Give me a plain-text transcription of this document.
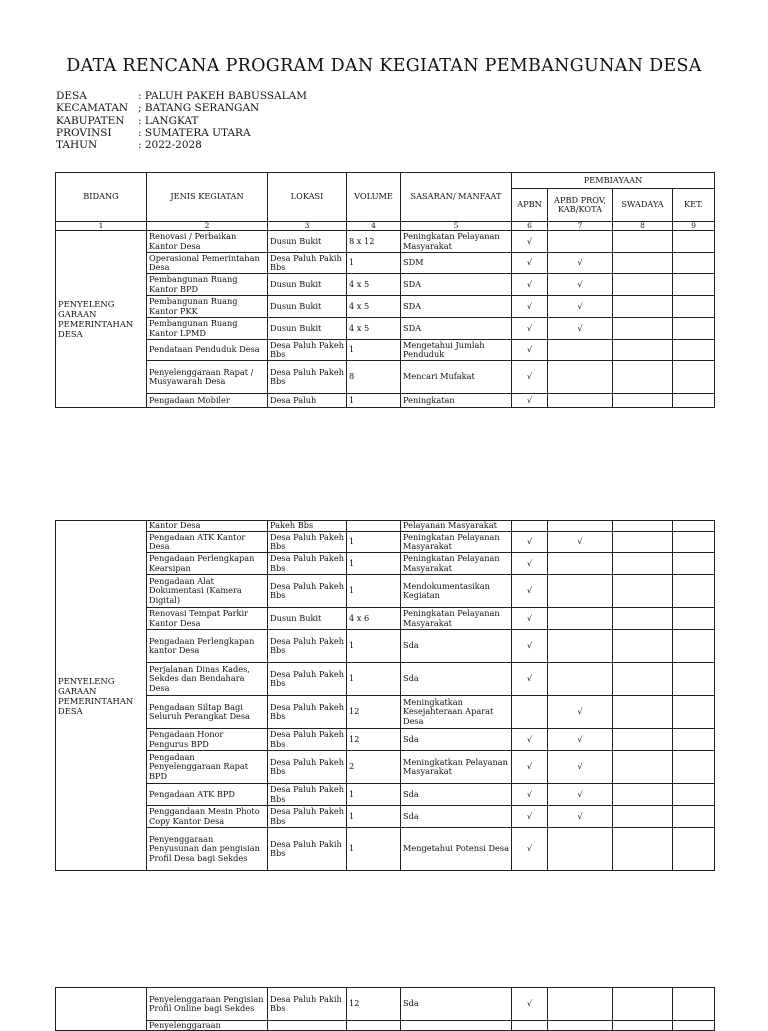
DATA RENCANA PROGRAM DAN KEGIATAN PEMBANGUNAN DESA
DESA	: PALUH PAKEH BABUSSALAM
KECAMATAN ; BATANG SERANGAN
KABUPATEN	: LANGKAT
PROVINSI	: SUMATERA UTARA
TAHUN	: 2022-2028
BIDANG	JENIS KEGIATAN	LOKASI	VOLUME	SASARAN/ MANFAAT	PEMBIAYAAN			
					APBN	APBD PROV, KAB/KOTA	SWADAYA	KET.
1	2	3	4	5	6	7	8	9
PENYELENG GARAAN PEMERINTAHAN DESA	Renovasi / Perbaikan Kantor Desa	Dusun Bukit	8 x 12	Peningkatan Pelayanan Masyarakat	√			
	Operasional Pemerintahan Desa	Desa Paluh Pakih Bbs	1	SDM	√	√		
	Pembangunan Ruang Kantor BPD	Dusun Bukit	4 x 5	SDA	√	√		
	Pembangunan Ruang Kantor PKK	Dusun Bukit	4 x 5	SDA	√	√		
	Pembangunan Ruang Kantor LPMD	Dusun Bukit	4 x 5	SDA	√	√		
	Pendataan Penduduk Desa	Desa Paluh Pakeh Bbs	1	Mengetahui Jumlah Penduduk	√			
	Penyelenggaraan Rapat / Musyawarah Desa	Desa Paluh Pakeh Bbs	8	Mencari Mufakat	√			
	Pengadaan Mobiler	Desa Paluh	1	Peningkatan	√			
PENYELENG GARAAN PEMERINTAHAN DESA	Kantor Desa	Pakeh Bbs		Pelayanan Masyarakat				
	Pengadaan ATK Kantor Desa	Desa Paluh Pakeh Bbs	1	Peningkatan Pelayanan Masyarakat	√	√		
	Pengadaan Perlengkapan Kearsipan	Desa Paluh Pakeh Bbs	1	Peningkatan Pelayanan Masyarakat	√			
	Pengadaan Alat Dokumentasi (Kamera Digital)	Desa Paluh Pakeh Bbs	1	Mendokumentasikan Kegiatan	√			
	Renovasi Tempat Parkir Kantor Desa	Dusun Bukit	4 x 6	Peningkatan Pelayanan Masyarakat	√			
	Pengadaan Perlengkapan kantor Desa	Desa Paluh Pakeh Bbs	1	Sda	√			
	Perjalanan Dinas Kades, Sekdes dan Bendahara Desa	Desa Paluh Pakeh Bbs	1	Sda	√			
	Pengadaan Siltap Bagi Seluruh Perangkat Desa	Desa Paluh Pakeh Bbs	12	Meningkatkan Kesejahteraan Aparat Desa		√		
	Pengadaan Honor Pengurus BPD	Desa Paluh Pakeh Bbs	12	Sda	√	√		
	Pengadaan Penyelenggaraan Rapat BPD	Desa Paluh Pakeh Bbs	2	Meningkatkan Pelayanan Masyarakat	√	√		
	Pengadaan ATK BPD	Desa Paluh Pakeh Bbs	1	Sda	√	√		
	Penggandaan Mesin Photo Copy Kantor Desa	Desa Paluh Pakeh Bbs	1	Sda	√	√		
	Penyenggaraan Penyusunan dan pengisian Profil Desa bagi Sekdes	Desa Paluh Pakih Bbs	1	Mengetahui Potensi Desa	√			
	Penyelenggaraan Pengisian Profil Online bagi Sekdes	Desa Paluh Pakih Bbs	12	Sda	√			
	Penyelenggaraan							
